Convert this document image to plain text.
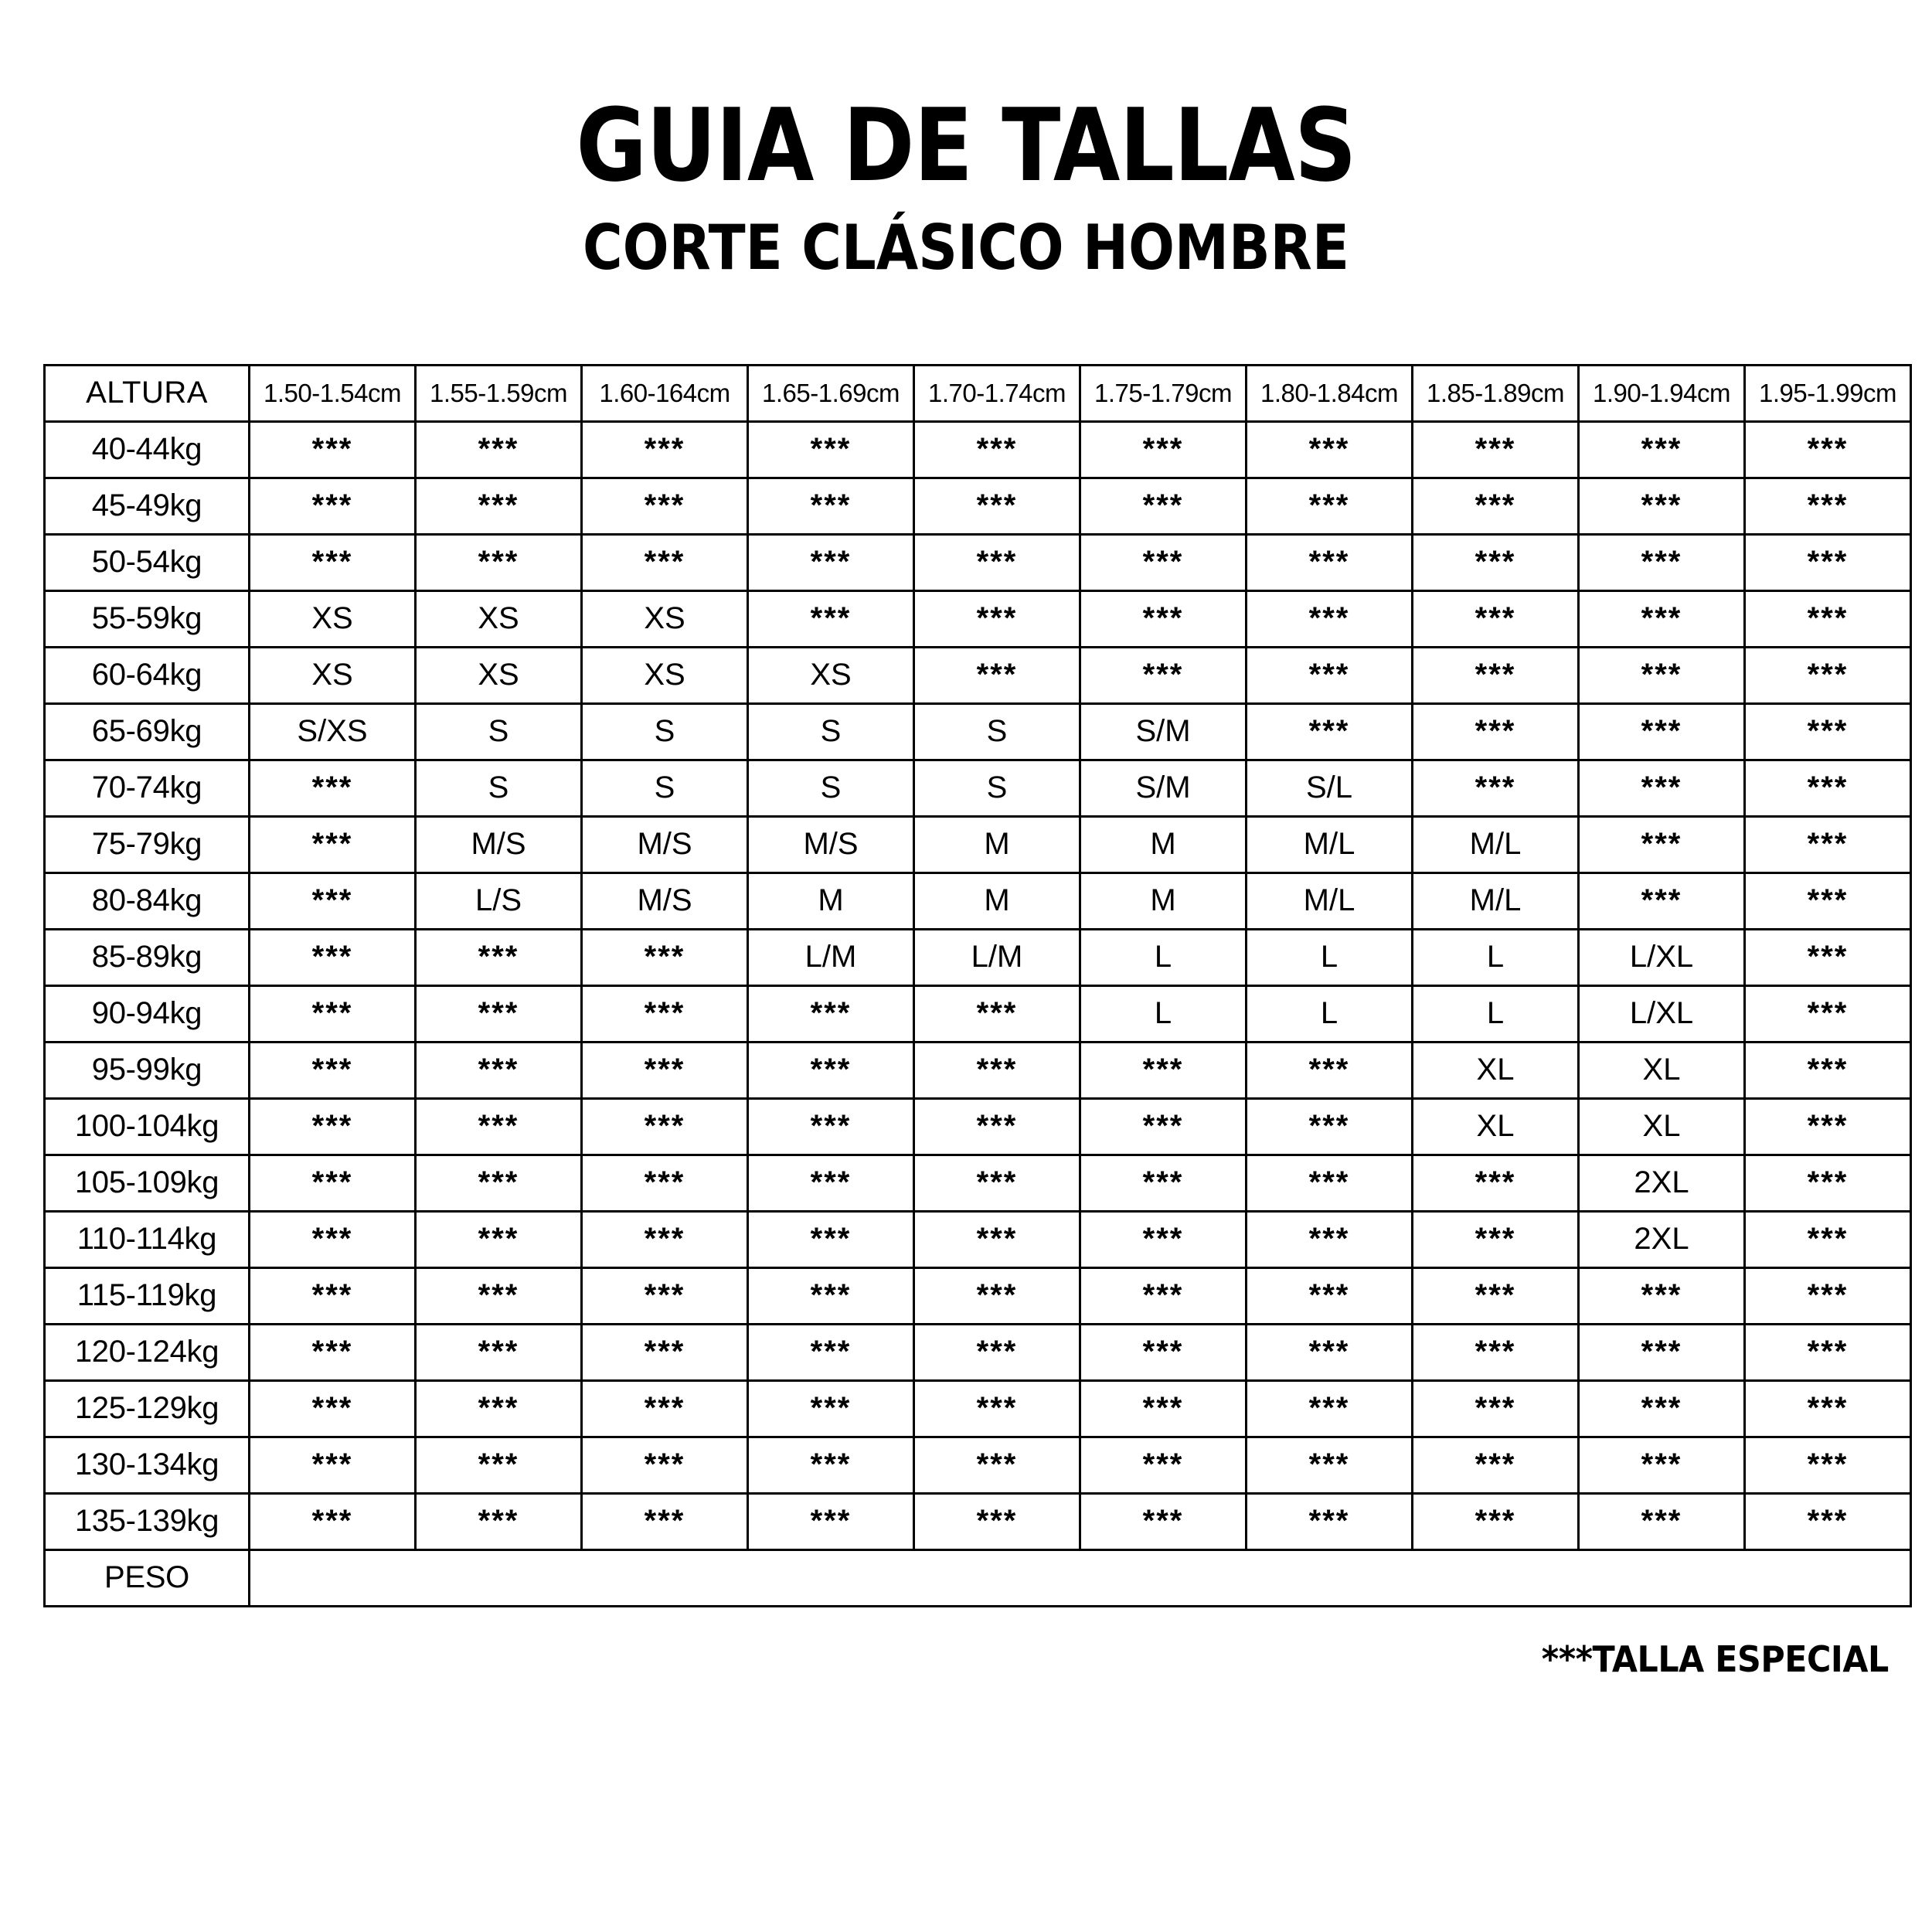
GUIA DE TALLAS
CORTE CLÁSICO HOMBRE
ALTURA	1.50-1.54cm	1.55-1.59cm	1.60-164cm	1.65-1.69cm	1.70-1.74cm	1.75-1.79cm	1.80-1.84cm	1.85-1.89cm	1.90-1.94cm	1.95-1.99cm
40-44kg	***	***	***	***	***	***	***	***	***	***
45-49kg	***	***	***	***	***	***	***	***	***	***
50-54kg	***	***	***	***	***	***	***	***	***	***
55-59kg	XS	XS	XS	***	***	***	***	***	***	***
60-64kg	XS	XS	XS	XS	***	***	***	***	***	***
65-69kg	S/XS	S	S	S	S	S/M	***	***	***	***
70-74kg	***	S	S	S	S	S/M	S/L	***	***	***
75-79kg	***	M/S	M/S	M/S	M	M	M/L	M/L	***	***
80-84kg	***	L/S	M/S	M	M	M	M/L	M/L	***	***
85-89kg	***	***	***	L/M	L/M	L	L	L	L/XL	***
90-94kg	***	***	***	***	***	L	L	L	L/XL	***
95-99kg	***	***	***	***	***	***	***	XL	XL	***
100-104kg	***	***	***	***	***	***	***	XL	XL	***
105-109kg	***	***	***	***	***	***	***	***	2XL	***
110-114kg	***	***	***	***	***	***	***	***	2XL	***
115-119kg	***	***	***	***	***	***	***	***	***	***
120-124kg	***	***	***	***	***	***	***	***	***	***
125-129kg	***	***	***	***	***	***	***	***	***	***
130-134kg	***	***	***	***	***	***	***	***	***	***
135-139kg	***	***	***	***	***	***	***	***	***	***
PESO										
***TALLA ESPECIAL
